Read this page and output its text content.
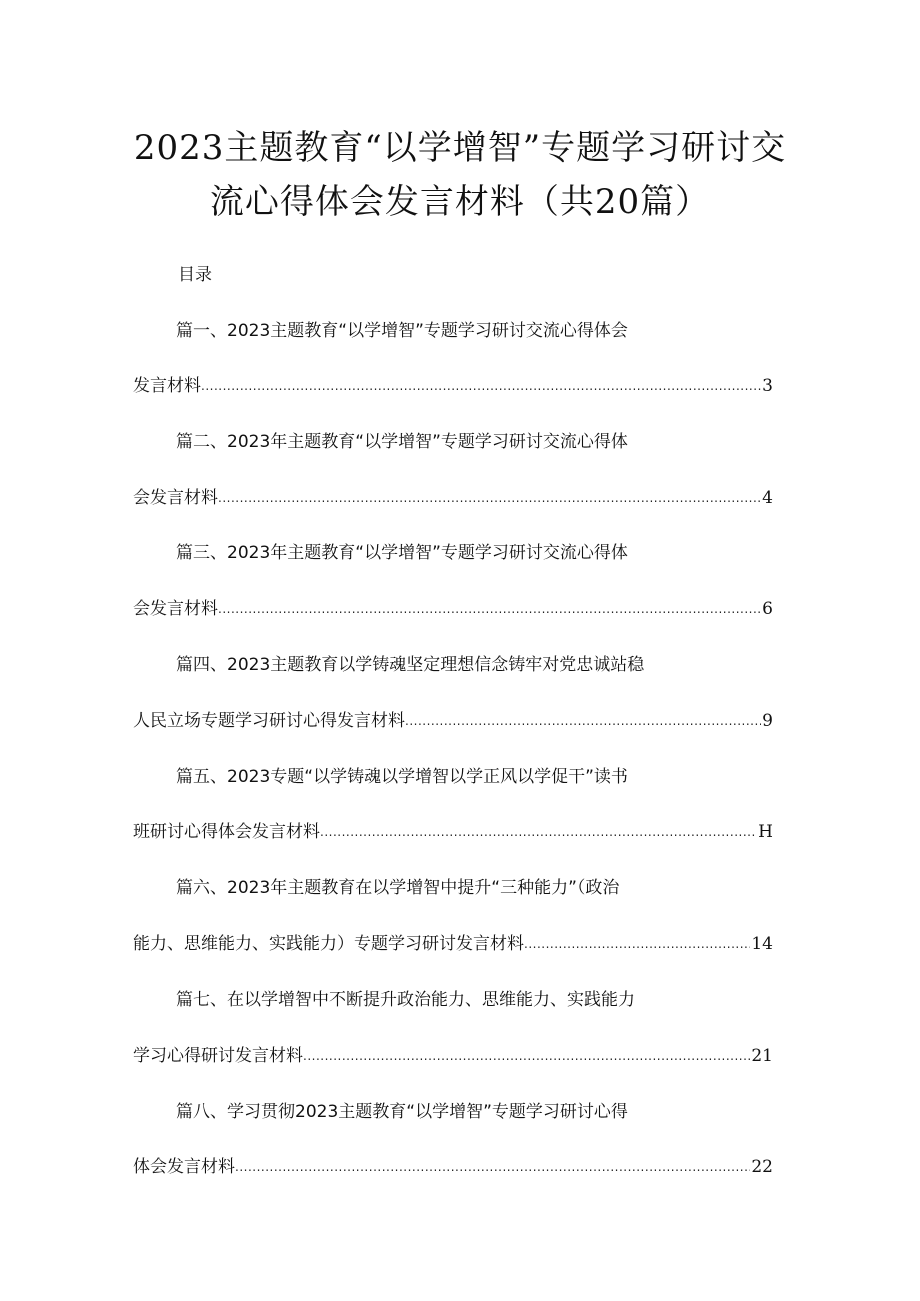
2023主题教育“以学增智”专题学习研讨交
流心得体会发言材料（共20篇）
目录
篇一、2023主题教育“以学增智”专题学习研讨交流心得体会
发言材料 .....	3
篇二、2023年主题教育“以学增智”专题学习研讨交流心得体
会发言材料 .....	4
篇三、2023年主题教育“以学增智”专题学习研讨交流心得体
会发言材料 .....	6
篇四、2023主题教育以学铸魂坚定理想信念铸牢对党忠诚站稳
人民立场专题学习研讨心得发言材料 .....	9
篇五、2023专题“以学铸魂以学增智以学正风以学促干”读书
班研讨心得体会发言材料 .....	H
篇六、2023年主题教育在以学增智中提升“三种能力”（政治
能力、思维能力、实践能力）专题学习研讨发言材料 .....	14
篇七、在以学增智中不断提升政治能力、思维能力、实践能力
学习心得研讨发言材料 .....	21
篇八、学习贯彻2023主题教育“以学增智”专题学习研讨心得
体会发言材料 .....	22
